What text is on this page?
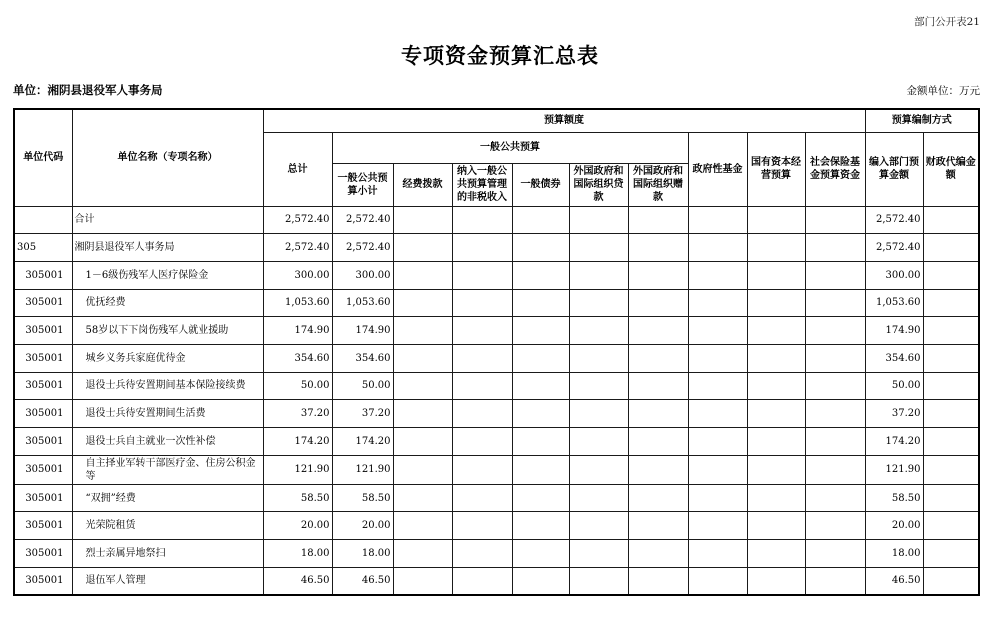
部门公开表21
专项资金预算汇总表
单位：湘阴县退役军人事务局	金额单位：万元
单位代码	单位名称（专项名称）	预算额度										预算编制方式	
		总计	一般公共预算						政府性基金	国有资本经营预算	社会保险基金预算资金	编入部门预算金额	财政代编金额
			一般公共预算小计	经费拨款	纳入一般公共预算管理的非税收入	一般债券	外国政府和国际组织贷款	外国政府和国际组织赠款					
	合计	2,572.40	2,572.40									2,572.40	
305	湘阴县退役军人事务局	2,572.40	2,572.40									2,572.40	
305001	1－6级伤残军人医疗保险金	300.00	300.00									300.00	
305001	优抚经费	1,053.60	1,053.60									1,053.60	
305001	58岁以下下岗伤残军人就业援助	174.90	174.90									174.90	
305001	城乡义务兵家庭优待金	354.60	354.60									354.60	
305001	退役士兵待安置期间基本保险接续费	50.00	50.00									50.00	
305001	退役士兵待安置期间生活费	37.20	37.20									37.20	
305001	退役士兵自主就业一次性补偿	174.20	174.20									174.20	
305001	自主择业军转干部医疗金、住房公积金等	121.90	121.90									121.90	
305001	“双拥”经费	58.50	58.50									58.50	
305001	光荣院租赁	20.00	20.00									20.00	
305001	烈士亲属异地祭扫	18.00	18.00									18.00	
305001	退伍军人管理	46.50	46.50									46.50	
